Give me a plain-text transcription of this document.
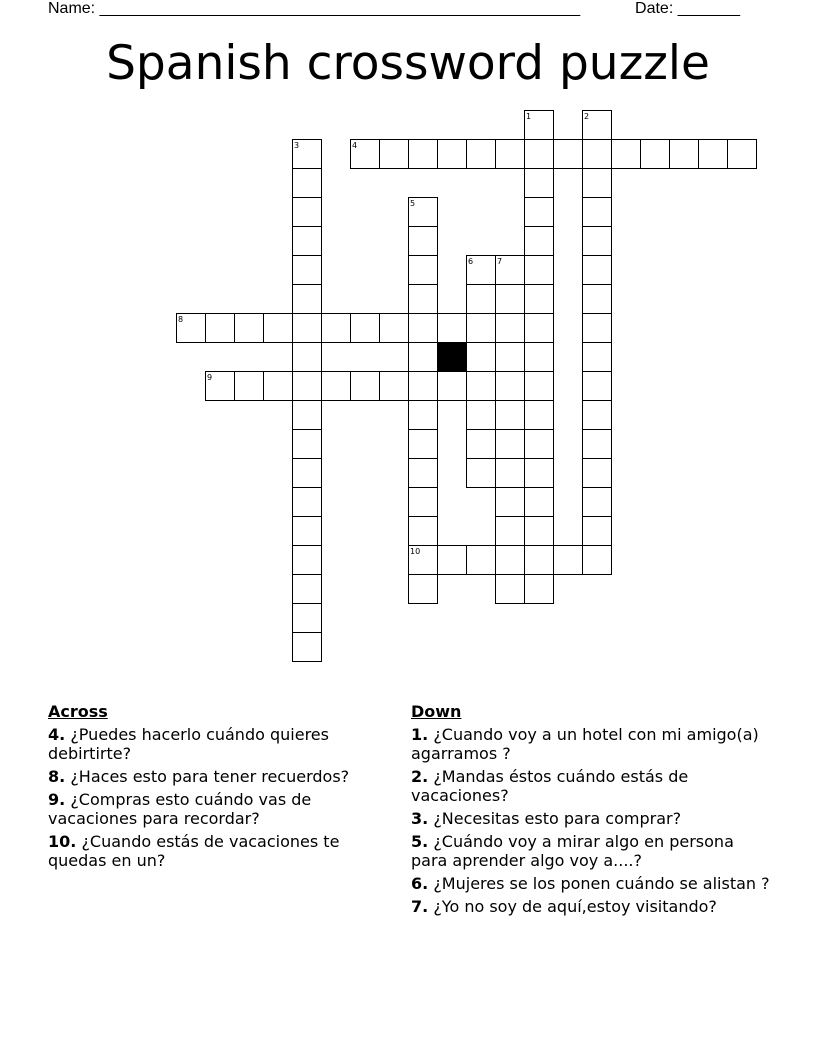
Name: ______________________________________________________	Date: _______
Spanish crossword puzzle
1	2
3	4
5
10
6	7
8
9
Across
4. ¿Puedes hacerlo cuándo quieres debirtirte?
8. ¿Haces esto para tener recuerdos?
9. ¿Compras esto cuándo vas de vacaciones para recordar?
10. ¿Cuando estás de vacaciones te quedas en un?
Down
1. ¿Cuando voy a un hotel con mi amigo(a) agarramos ?
2. ¿Mandas éstos cuándo estás de vacaciones?
3. ¿Necesitas esto para comprar?
5. ¿Cuándo voy a mirar algo en persona para aprender algo voy a....?
6. ¿Mujeres se los ponen cuándo se alistan ?
7. ¿Yo no soy de aquí,estoy visitando?
